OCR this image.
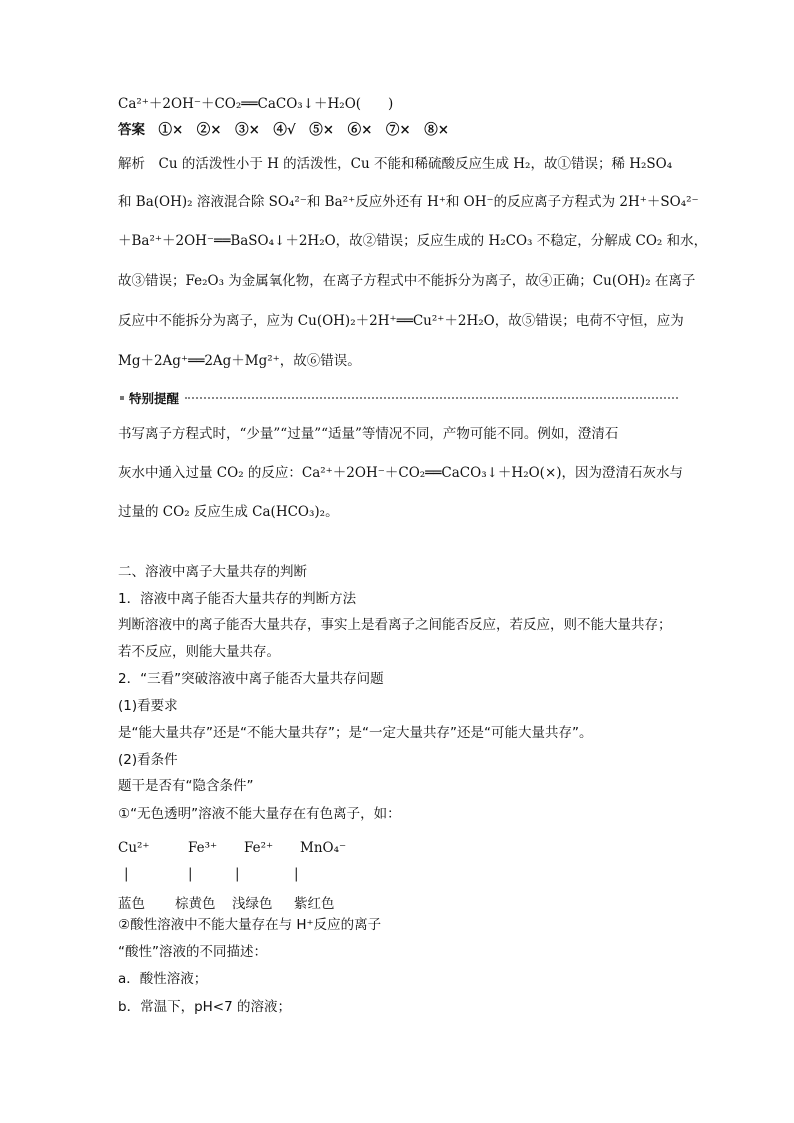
Ca²⁺＋2OH⁻＋CO₂══CaCO₃↓＋H₂O(　　)
答案　①×　②×　③×　④√　⑤×　⑥×　⑦×　⑧×
解析　Cu 的活泼性小于 H 的活泼性，Cu 不能和稀硫酸反应生成 H₂，故①错误；稀 H₂SO₄
和 Ba(OH)₂ 溶液混合除 SO₄²⁻和 Ba²⁺反应外还有 H⁺和 OH⁻的反应离子方程式为 2H⁺＋SO₄²⁻
＋Ba²⁺＋2OH⁻══BaSO₄↓＋2H₂O，故②错误；反应生成的 H₂CO₃ 不稳定，分解成 CO₂ 和水，
故③错误；Fe₂O₃ 为金属氧化物，在离子方程式中不能拆分为离子，故④正确；Cu(OH)₂ 在离子
反应中不能拆分为离子，应为 Cu(OH)₂＋2H⁺══Cu²⁺＋2H₂O，故⑤错误；电荷不守恒，应为
Mg＋2Ag⁺══2Ag＋Mg²⁺，故⑥错误。
特别提醒
书写离子方程式时，“少量”“过量”“适量”等情况不同，产物可能不同。例如，澄清石
灰水中通入过量 CO₂ 的反应：Ca²⁺＋2OH⁻＋CO₂══CaCO₃↓＋H₂O(×)，因为澄清石灰水与
过量的 CO₂ 反应生成 Ca(HCO₃)₂。
二、溶液中离子大量共存的判断
1．溶液中离子能否大量共存的判断方法
判断溶液中的离子能否大量共存，事实上是看离子之间能否反应，若反应，则不能大量共存；
若不反应，则能大量共存。
2．“三看”突破溶液中离子能否大量共存问题
(1)看要求
是“能大量共存”还是“不能大量共存”；是“一定大量共存”还是“可能大量共存”。
(2)看条件
题干是否有“隐含条件”
①“无色透明”溶液不能大量存在有色离子，如：
Cu²⁺	Fe³⁺ Fe²⁺ MnO₄⁻
|	|	|	|
蓝色 棕黄色 浅绿色 紫红色
②酸性溶液中不能大量存在与 H⁺反应的离子
“酸性”溶液的不同描述：
a．酸性溶液；
b．常温下，pH<7 的溶液；
